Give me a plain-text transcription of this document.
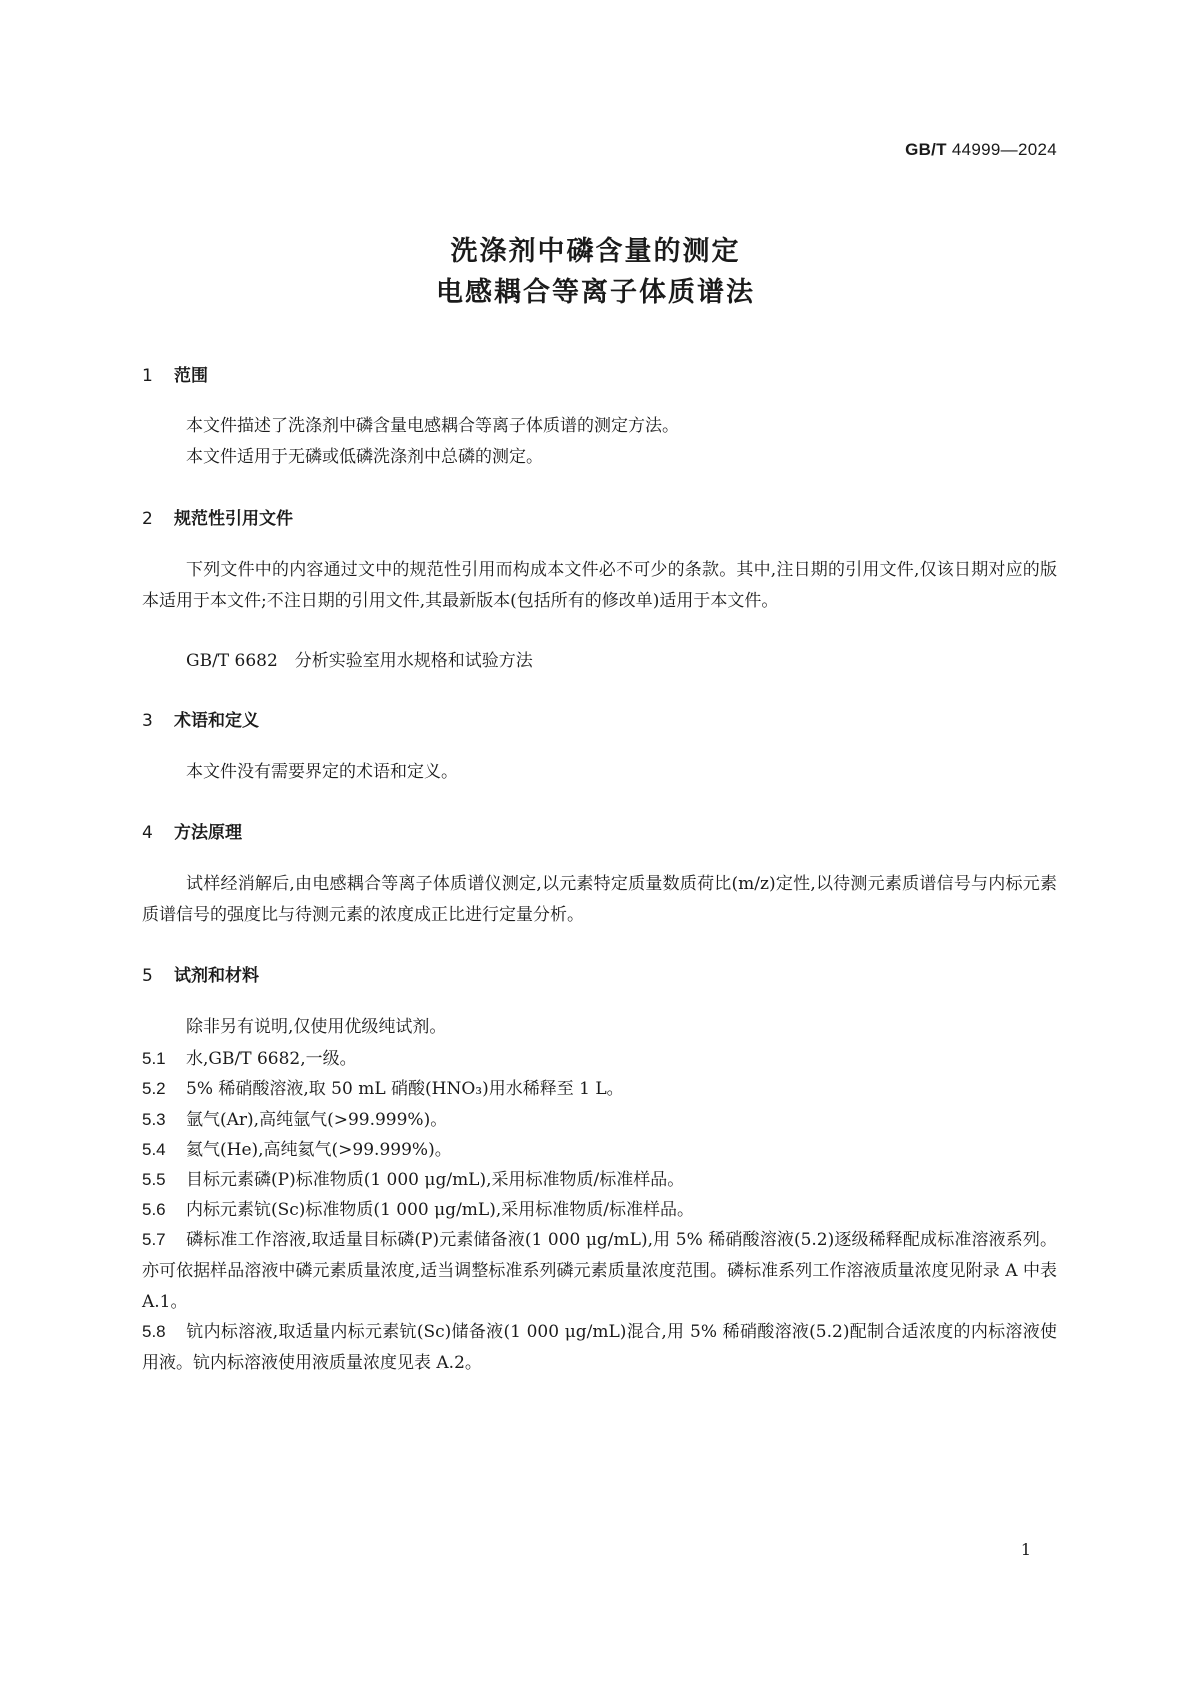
GB/T 44999—2024
洗涤剂中磷含量的测定
电感耦合等离子体质谱法
1 范围
本文件描述了洗涤剂中磷含量电感耦合等离子体质谱的测定方法。
本文件适用于无磷或低磷洗涤剂中总磷的测定。
2 规范性引用文件
下列文件中的内容通过文中的规范性引用而构成本文件必不可少的条款。其中,注日期的引用文件,仅该日期对应的版本适用于本文件;不注日期的引用文件,其最新版本(包括所有的修改单)适用于本文件。
GB/T 6682　分析实验室用水规格和试验方法
3 术语和定义
本文件没有需要界定的术语和定义。
4 方法原理
试样经消解后,由电感耦合等离子体质谱仪测定,以元素特定质量数质荷比(m/z)定性,以待测元素质谱信号与内标元素质谱信号的强度比与待测元素的浓度成正比进行定量分析。
5 试剂和材料
除非另有说明,仅使用优级纯试剂。
5.1 水,GB/T 6682,一级。
5.2 5% 稀硝酸溶液,取 50 mL 硝酸(HNO₃)用水稀释至 1 L。
5.3 氩气(Ar),高纯氩气(>99.999%)。
5.4 氦气(He),高纯氦气(>99.999%)。
5.5 目标元素磷(P)标准物质(1 000 μg/mL),采用标准物质/标准样品。
5.6 内标元素钪(Sc)标准物质(1 000 μg/mL),采用标准物质/标准样品。
5.7 磷标准工作溶液,取适量目标磷(P)元素储备液(1 000 μg/mL),用 5% 稀硝酸溶液(5.2)逐级稀释配成标准溶液系列。亦可依据样品溶液中磷元素质量浓度,适当调整标准系列磷元素质量浓度范围。磷标准系列工作溶液质量浓度见附录 A 中表 A.1。
5.8 钪内标溶液,取适量内标元素钪(Sc)储备液(1 000 μg/mL)混合,用 5% 稀硝酸溶液(5.2)配制合适浓度的内标溶液使用液。钪内标溶液使用液质量浓度见表 A.2。
1
